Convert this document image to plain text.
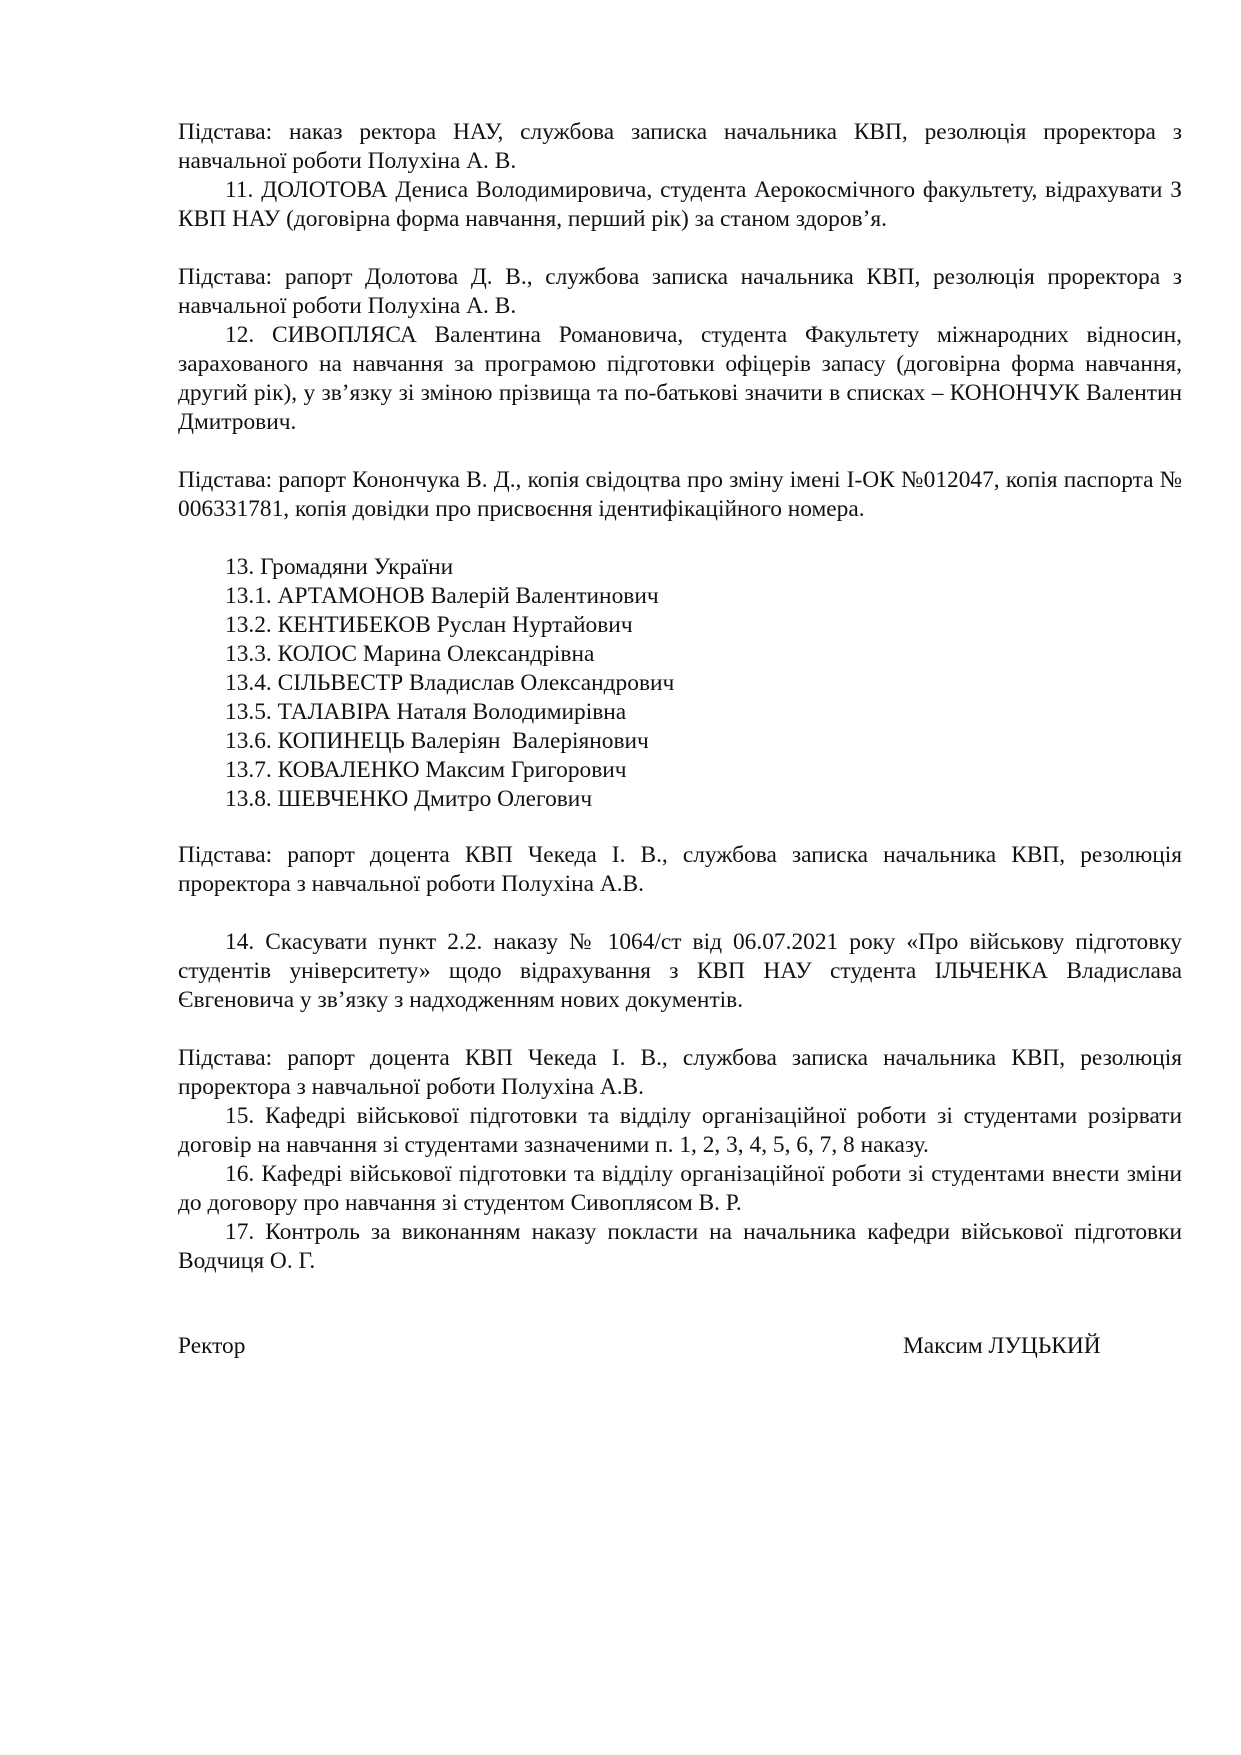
Підстава: наказ ректора НАУ, службова записка начальника КВП, резолюція проректора з навчальної роботи Полухіна А. В.

11. ДОЛОТОВА Дениса Володимировича, студента Аерокосмічного факультету, відрахувати З КВП НАУ (договірна форма навчання, перший рік) за станом здоров’я.

Підстава: рапорт Долотова Д. В., службова записка начальника КВП, резолюція проректора з навчальної роботи Полухіна А. В.

12. СИВОПЛЯСА Валентина Романовича, студента Факультету міжнародних відносин, зарахованого на навчання за програмою підготовки офіцерів запасу (договірна форма навчання, другий рік), у зв’язку зі зміною прізвища та по-батькові значити в списках – КОНОНЧУК Валентин Дмитрович.

Підстава: рапорт Конончука В. Д., копія свідоцтва про зміну імені І-ОК №012047, копія паспорта № 006331781, копія довідки про присвоєння ідентифікаційного номера.

13. Громадяни України

13.1. АРТАМОНОВ Валерій Валентинович

13.2. КЕНТИБЕКОВ Руслан Нуртайович

13.3. КОЛОС Марина Олександрівна

13.4. СІЛЬВЕСТР Владислав Олександрович

13.5. ТАЛАВІРА Наталя Володимирівна

13.6. КОПИНЕЦЬ Валеріян  Валеріянович

13.7. КОВАЛЕНКО Максим Григорович

13.8. ШЕВЧЕНКО Дмитро Олегович

Підстава: рапорт доцента КВП Чекеда І. В., службова записка начальника КВП, резолюція проректора з навчальної роботи Полухіна А.В.

14. Скасувати пункт 2.2. наказу № 1064/ст від 06.07.2021 року «Про військову підготовку студентів університету» щодо відрахування з КВП НАУ студента ІЛЬЧЕНКА Владислава Євгеновича у зв’язку з надходженням нових документів.

Підстава: рапорт доцента КВП Чекеда І. В., службова записка начальника КВП, резолюція проректора з навчальної роботи Полухіна А.В.

15. Кафедрі військової підготовки та відділу організаційної роботи зі студентами розірвати договір на навчання зі студентами зазначеними п. 1, 2, 3, 4, 5, 6, 7, 8 наказу.

16. Кафедрі військової підготовки та відділу організаційної роботи зі студентами внести зміни до договору про навчання зі студентом Сивоплясом В. Р.

17. Контроль за виконанням наказу покласти на начальника кафедри військової підготовки Водчиця О. Г.

Ректор	Максим ЛУЦЬКИЙ
